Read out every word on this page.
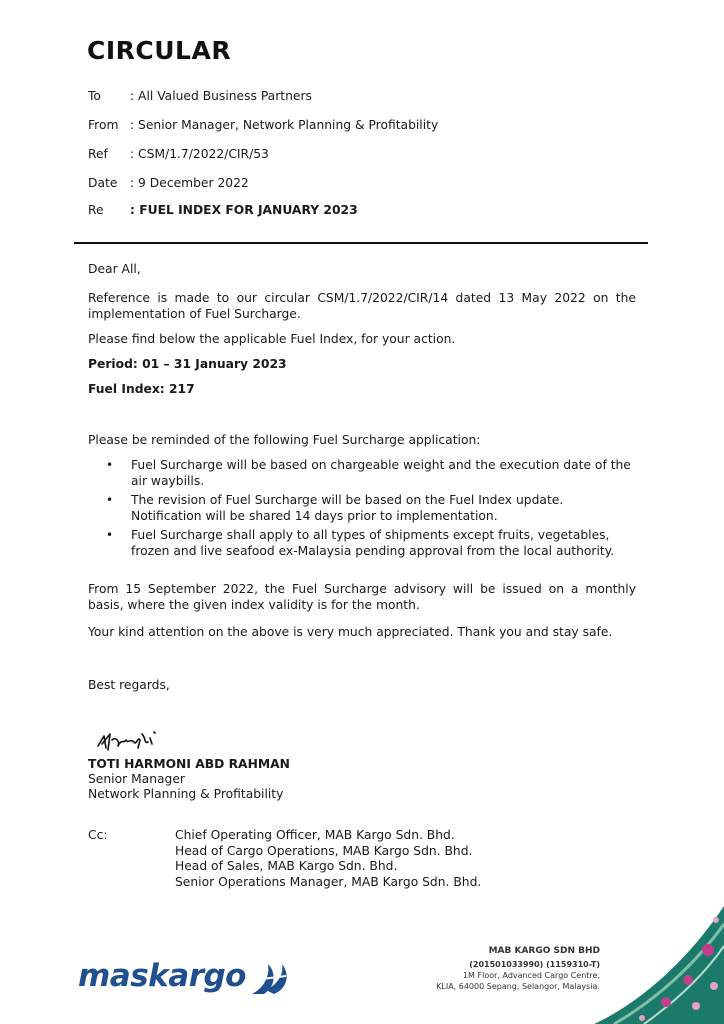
CIRCULAR
To : All Valued Business Partners
From : Senior Manager, Network Planning & Profitability
Ref : CSM/1.7/2022/CIR/53
Date : 9 December 2022
Re : FUEL INDEX FOR JANUARY 2023

Dear All,

Reference is made to our circular CSM/1.7/2022/CIR/14 dated 13 May 2022 on the implementation of Fuel Surcharge.

Please find below the applicable Fuel Index, for your action.

Period: 01 – 31 January 2023

Fuel Index: 217

Please be reminded of the following Fuel Surcharge application:

• Fuel Surcharge will be based on chargeable weight and the execution date of the air waybills.
• The revision of Fuel Surcharge will be based on the Fuel Index update. Notification will be shared 14 days prior to implementation.
• Fuel Surcharge shall apply to all types of shipments except fruits, vegetables, frozen and live seafood ex-Malaysia pending approval from the local authority.

From 15 September 2022, the Fuel Surcharge advisory will be issued on a monthly basis, where the given index validity is for the month.

Your kind attention on the above is very much appreciated. Thank you and stay safe.

Best regards,

TOTI HARMONI ABD RAHMAN

Senior Manager

Network Planning & Profitability

Cc:	Chief Operating Officer, MAB Kargo Sdn. Bhd.
Head of Cargo Operations, MAB Kargo Sdn. Bhd.
Head of Sales, MAB Kargo Sdn. Bhd.
Senior Operations Manager, MAB Kargo Sdn. Bhd.
maskargo
MAB KARGO SDN BHD
(201501033990) (1159310-T)
1M Floor, Advanced Cargo Centre,
KLIA, 64000 Sepang, Selangor, Malaysia.
